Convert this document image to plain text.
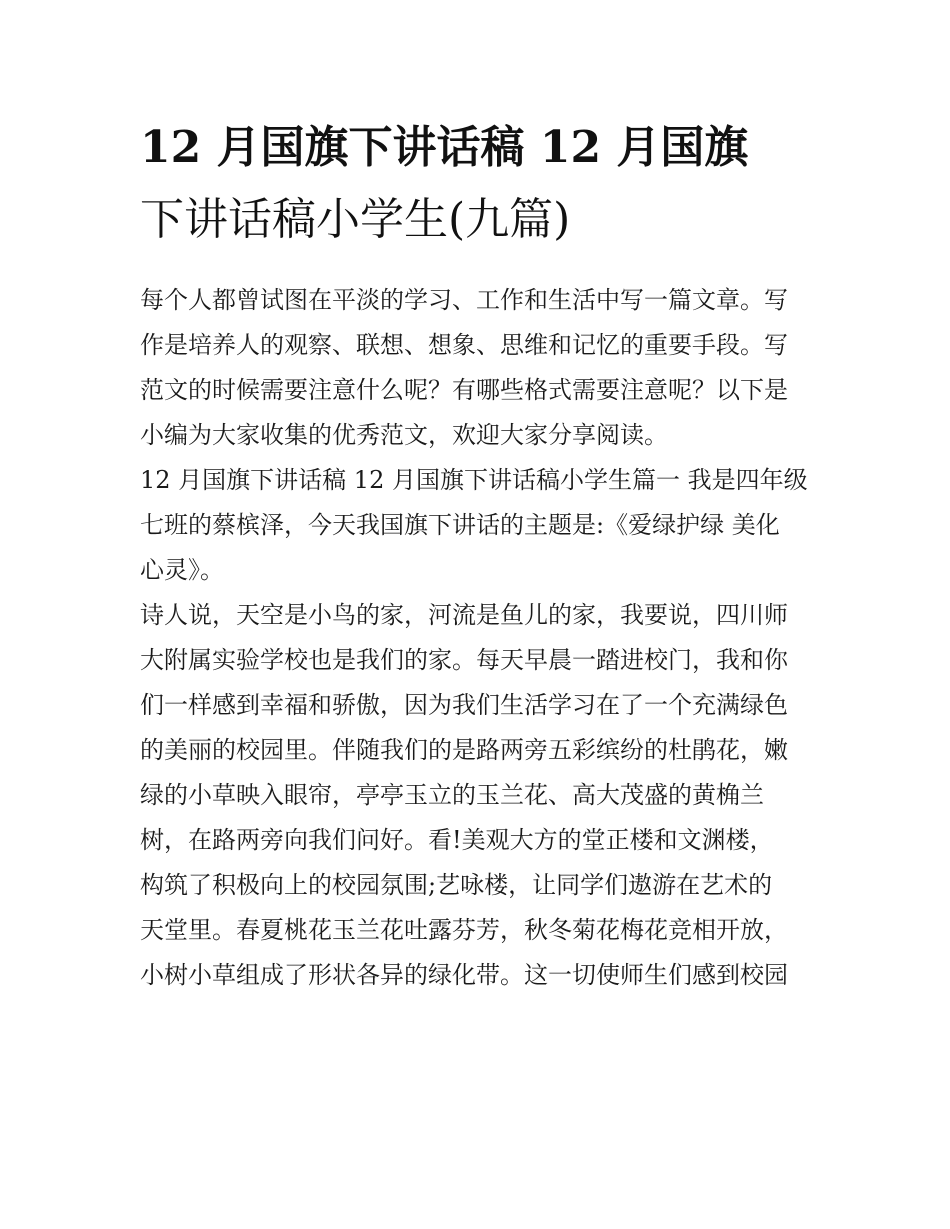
12 月国旗下讲话稿 12 月国旗
下讲话稿小学生(九篇)

每个人都曾试图在平淡的学习、工作和生活中写一篇文章。写
作是培养人的观察、联想、想象、思维和记忆的重要手段。写
范文的时候需要注意什么呢？有哪些格式需要注意呢？以下是
小编为大家收集的优秀范文，欢迎大家分享阅读。

12 月国旗下讲话稿 12 月国旗下讲话稿小学生篇一 我是四年级
七班的蔡槟泽，今天我国旗下讲话的主题是:《爱绿护绿 美化
心灵》。

诗人说，天空是小鸟的家，河流是鱼儿的家，我要说，四川师
大附属实验学校也是我们的家。每天早晨一踏进校门，我和你
们一样感到幸福和骄傲，因为我们生活学习在了一个充满绿色
的美丽的校园里。伴随我们的是路两旁五彩缤纷的杜鹃花，嫩
绿的小草映入眼帘，亭亭玉立的玉兰花、高大茂盛的黄桷兰
树，在路两旁向我们问好。看!美观大方的堂正楼和文渊楼，
构筑了积极向上的校园氛围;艺咏楼，让同学们遨游在艺术的
天堂里。春夏桃花玉兰花吐露芬芳，秋冬菊花梅花竞相开放，
小树小草组成了形状各异的绿化带。这一切使师生们感到校园
